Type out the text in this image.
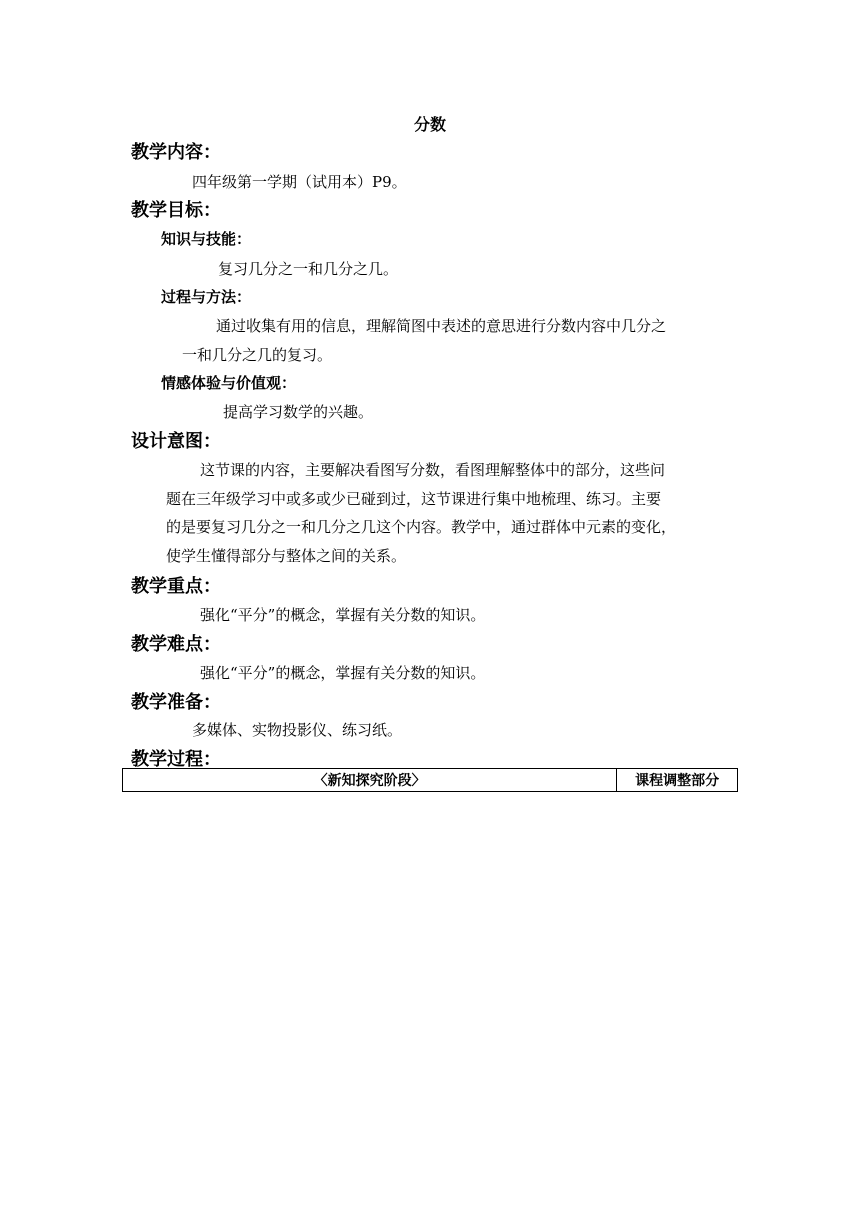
分数
教学内容：
四年级第一学期（试用本）P9。
教学目标：
知识与技能：
复习几分之一和几分之几。
过程与方法：
通过收集有用的信息，理解简图中表述的意思进行分数内容中几分之
一和几分之几的复习。
情感体验与价值观：
提高学习数学的兴趣。
设计意图：
这节课的内容，主要解决看图写分数，看图理解整体中的部分，这些问
题在三年级学习中或多或少已碰到过，这节课进行集中地梳理、练习。主要
的是要复习几分之一和几分之几这个内容。教学中，通过群体中元素的变化，
使学生懂得部分与整体之间的关系。
教学重点：
强化“平分”的概念，掌握有关分数的知识。
教学难点：
强化“平分”的概念，掌握有关分数的知识。
教学准备：
多媒体、实物投影仪、练习纸。
教学过程：
〈新知探究阶段〉	课程调整部分
